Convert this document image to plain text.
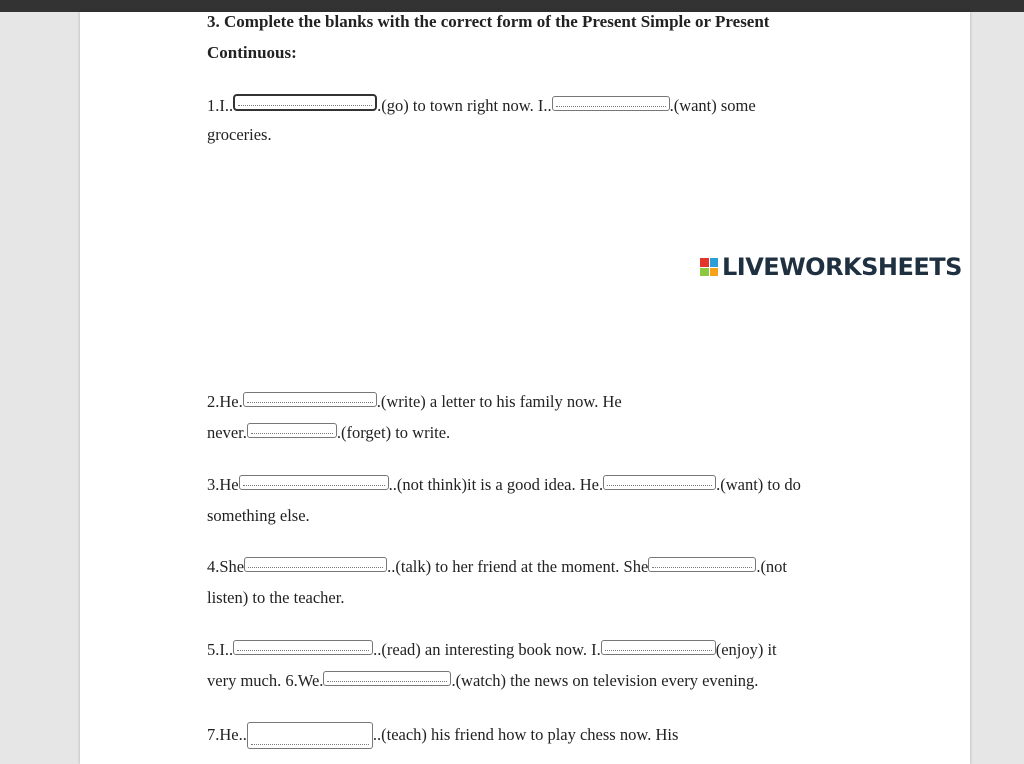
3. Complete the blanks with the correct form of the Present Simple or Present
Continuous:
1.I..	.(go) to town right now. I..	.(want) some
groceries.
LIVEWORKSHEETS
2.He.	.(write) a letter to his family now. He
never.	.(forget) to write.
3.He	..(not think)it is a good idea. He.	.(want) to do
something else.
4.She	..(talk) to her friend at the moment. She	.(not
listen) to the teacher.
5.I..	..(read) an interesting book now. I.	(enjoy) it
very much. 6.We.	.(watch) the news on television every evening.
7.He..	..(teach) his friend how to play chess now. His
